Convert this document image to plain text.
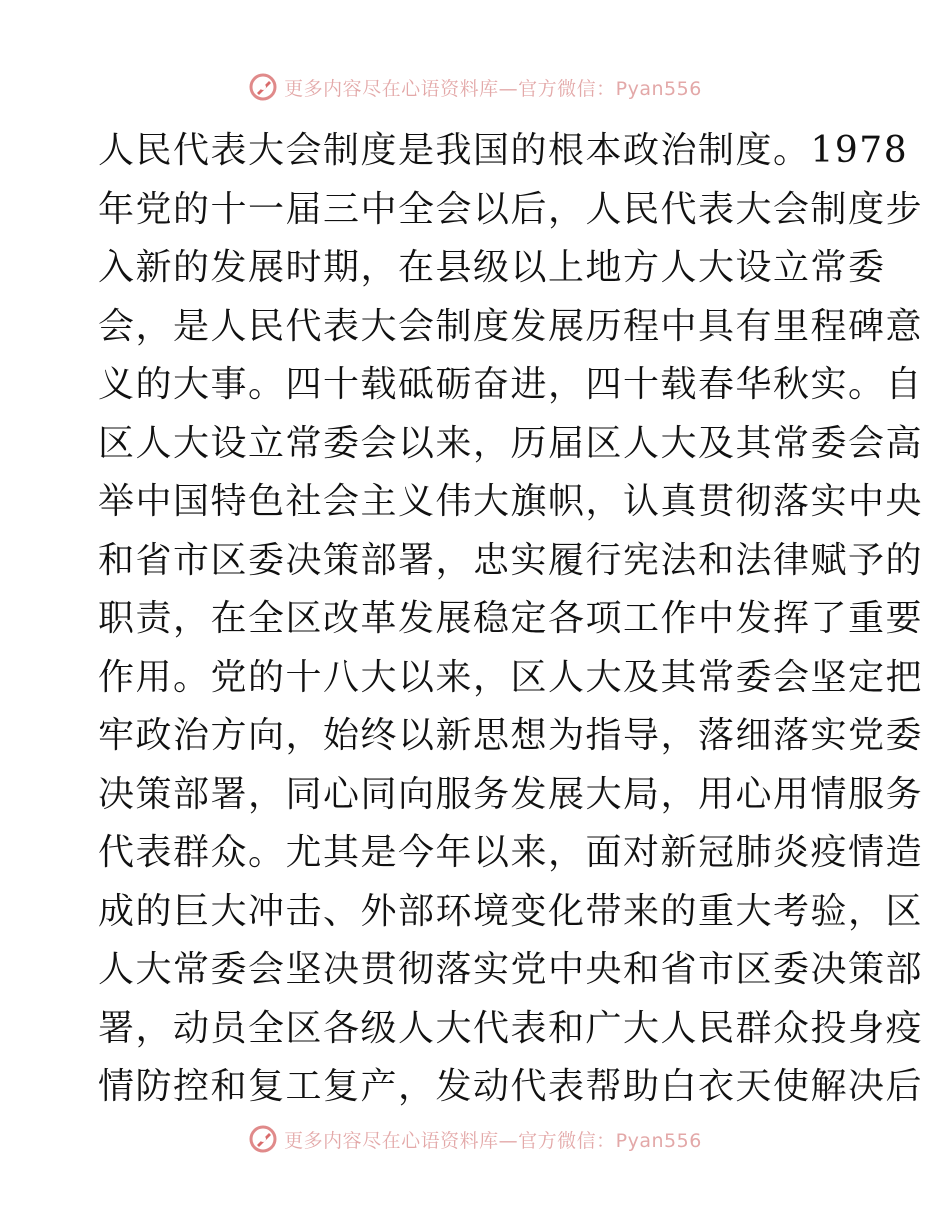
更多内容尽在心语资料库—官方微信：Pyan556
人民代表大会制度是我国的根本政治制度。1978
年党的十一届三中全会以后，人民代表大会制度步
入新的发展时期，在县级以上地方人大设立常委
会，是人民代表大会制度发展历程中具有里程碑意
义的大事。四十载砥砺奋进，四十载春华秋实。自
区人大设立常委会以来，历届区人大及其常委会高
举中国特色社会主义伟大旗帜，认真贯彻落实中央
和省市区委决策部署，忠实履行宪法和法律赋予的
职责，在全区改革发展稳定各项工作中发挥了重要
作用。党的十八大以来，区人大及其常委会坚定把
牢政治方向，始终以新思想为指导，落细落实党委
决策部署，同心同向服务发展大局，用心用情服务
代表群众。尤其是今年以来，面对新冠肺炎疫情造
成的巨大冲击、外部环境变化带来的重大考验，区
人大常委会坚决贯彻落实党中央和省市区委决策部
署，动员全区各级人大代表和广大人民群众投身疫
情防控和复工复产，发动代表帮助白衣天使解决后
更多内容尽在心语资料库—官方微信：Pyan556
